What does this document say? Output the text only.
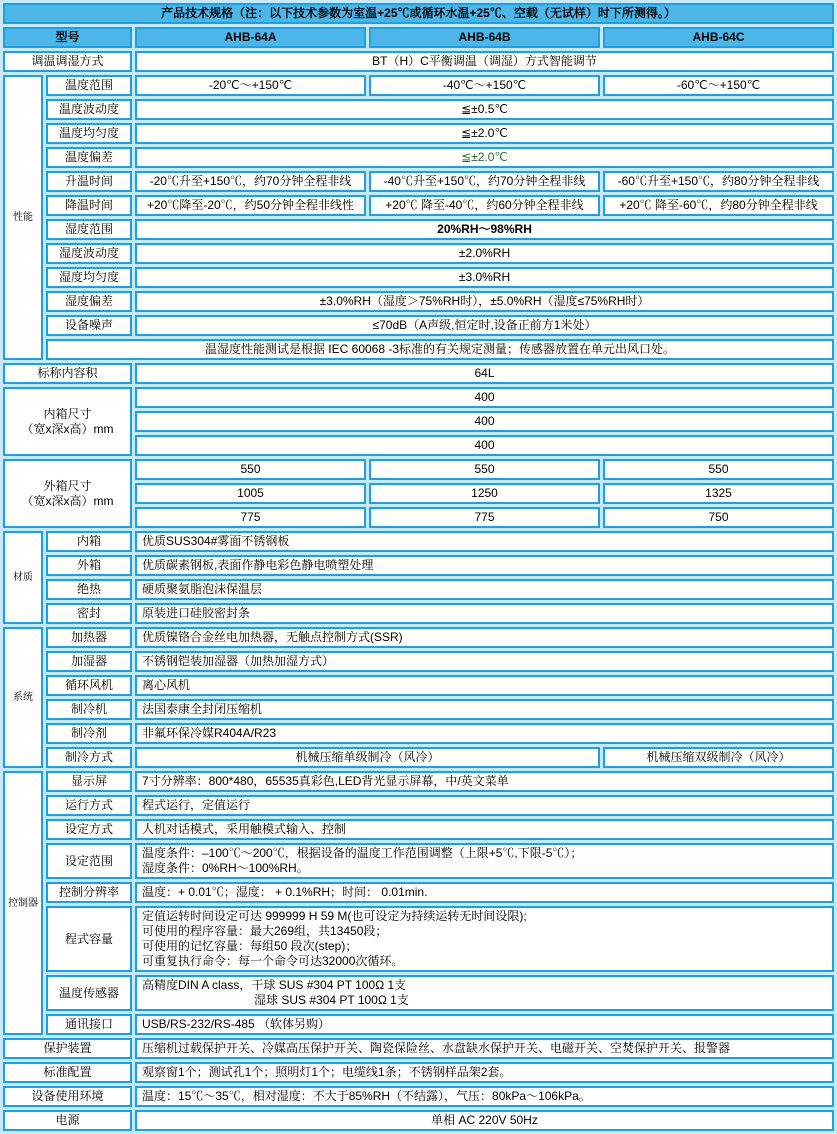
产品技术规格（注：以下技术参数为室温+25℃或循环水温+25℃、空载（无试样）时下所测得。）				
型号		AHB-64A	AHB-64B	AHB-64C
调温调湿方式		BT（H）C平衡调温（调湿）方式智能调节		
性能	温度范围	-20℃～+150℃	-40℃～+150℃	-60℃～+150℃
	温度波动度	≦±0.5℃		
	温度均匀度	≦±2.0℃		
	温度偏差	≦±2.0℃		
	升温时间	-20℃升至+150℃，约70分钟全程非线	-40℃升至+150℃，约70分钟全程非线	-60℃升至+150℃，约80分钟全程非线
	降温时间	+20℃降至-20℃，约50分钟全程非线性	+20℃ 降至-40℃，约60分钟全程非线	+20℃ 降至-60℃，约80分钟全程非线
	湿度范围	20%RH～98%RH		
	湿度波动度	±2.0%RH		
	湿度均匀度	±3.0%RH		
	湿度偏差	±3.0%RH（湿度＞75%RH时），±5.0%RH（湿度≤75%RH时）		
	设备噪声	≤70dB（A声级,恒定时,设备正前方1米处）		
	温湿度性能测试是根据 IEC 60068 -3标准的有关规定测量；传感器放置在单元出风口处。			
标称内容积		64L		

内箱尺寸
（宽x深x高）mm		400		
		400		
		400		

外箱尺寸
（宽x深x高）mm		550	550	550
		1005	1250	1325
		775	775	750
材质	内箱	优质SUS304#雾面不锈钢板		
	外箱	优质碳素钢板,表面作静电彩色静电喷塑处理		
	绝热	硬质聚氨脂泡沫保温层		
	密封	原装进口硅胶密封条		
系统	加热器	优质镍铬合金丝电加热器，无触点控制方式(SSR)		
	加湿器	不锈钢铠装加湿器（加热加湿方式）		
	循环风机	离心风机		
	制冷机	法国泰康全封闭压缩机		
	制冷剂	非氟环保冷媒R404A/R23		
	制冷方式	机械压缩单级制冷（风冷）		机械压缩双级制冷（风冷）
控制器	显示屏	7寸分辨率：800*480，65535真彩色,LED背光显示屏幕，中/英文菜单		
	运行方式	程式运行，定值运行		
	设定方式	人机对话模式，采用触模式输入、控制		
	设定范围	温度条件：–100℃～200℃，根据设备的温度工作范围调整（上限+5℃,下限-5℃）；
湿度条件：0%RH～100%RH。		

	控制分辨率	温度：+ 0.01℃；湿度： + 0.1%RH；时间： 0.01min.		
	程式容量	定值运转时间设定可达 999999 H 59 M(也可设定为持续运转无时间设限);
可使用的程序容量：最大269组，共13450段；
可使用的记忆容量：每组50 段次(step)；
可重复执行命令：每一个命令可达32000次循环。		

	温度传感器	高精度DIN A class，干球 SUS #304 PT 100Ω 1支
湿球 SUS #304 PT 100Ω 1支		

	通讯接口	USB/RS-232/RS-485 （软体另购）		
保护装置		压缩机过载保护开关、冷媒高压保护开关、陶瓷保险丝、水盘缺水保护开关、电磁开关、空焚保护开关、报警器		
标准配置		观察窗1个；测试孔1个；照明灯1个；电缆线1条；不锈钢样品架2套。		
设备使用环境		温度：15℃～35℃，相对湿度：不大于85%RH（不结露），气压：80kPa～106kPa。		
电源		单相 AC 220V 50Hz		
